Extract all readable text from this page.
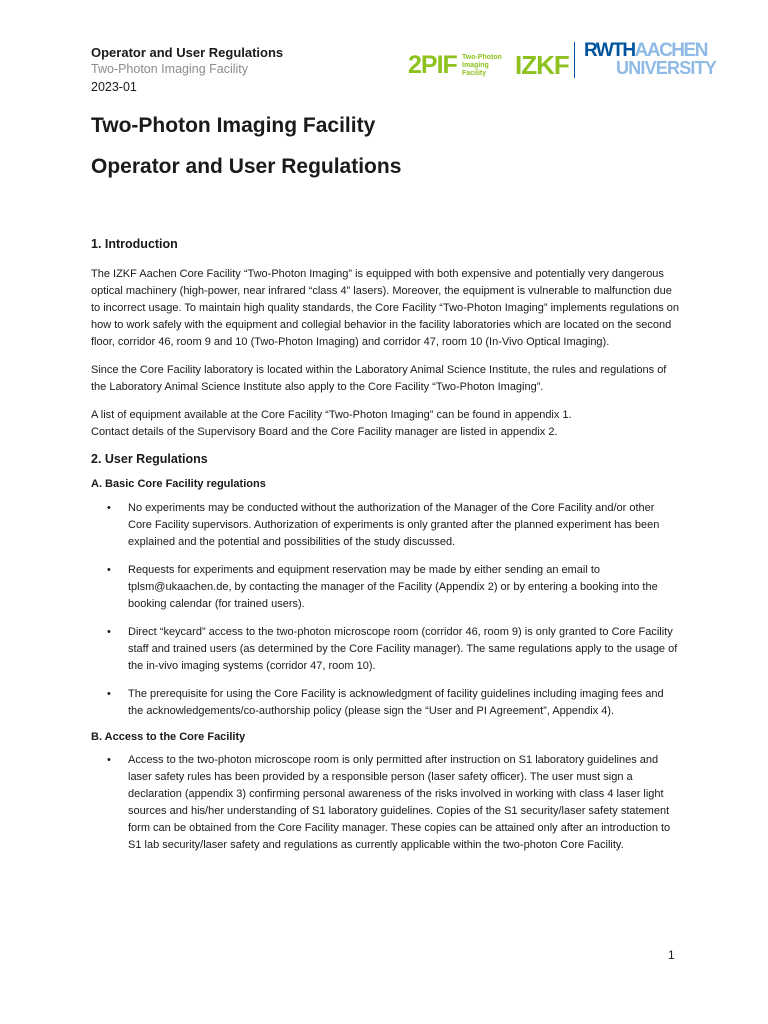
Operator and User Regulations
Two-Photon Imaging Facility
2023-01
2PIF Two-Photon Imaging Facility	IZKF RWTHAACHEN
UNIVERSITY
Two-Photon Imaging Facility
Operator and User Regulations
1. Introduction

The IZKF Aachen Core Facility “Two-Photon Imaging” is equipped with both expensive and potentially very dangerous optical machinery (high-power, near infrared “class 4” lasers). Moreover, the equipment is vulnerable to malfunction due to incorrect usage. To maintain high quality standards, the Core Facility “Two-Photon Imaging” implements regulations on how to work safely with the equipment and collegial behavior in the facility laboratories which are located on the second floor, corridor 46, room 9 and 10 (Two-Photon Imaging) and corridor 47, room 10 (In-Vivo Optical Imaging).

Since the Core Facility laboratory is located within the Laboratory Animal Science Institute, the rules and regulations of the Laboratory Animal Science Institute also apply to the Core Facility “Two-Photon Imaging”.

A list of equipment available at the Core Facility “Two-Photon Imaging” can be found in appendix 1.

Contact details of the Supervisory Board and the Core Facility manager are listed in appendix 2.

2. User Regulations
A. Basic Core Facility regulations
• No experiments may be conducted without the authorization of the Manager of the Core Facility and/or other Core Facility supervisors. Authorization of experiments is only granted after the planned experiment has been explained and the potential and possibilities of the study discussed.
• Requests for experiments and equipment reservation may be made by either sending an email to tplsm@ukaachen.de, by contacting the manager of the Facility (Appendix 2) or by entering a booking into the booking calendar (for trained users).
• Direct “keycard” access to the two-photon microscope room (corridor 46, room 9) is only granted to Core Facility staff and trained users (as determined by the Core Facility manager). The same regulations apply to the usage of the in-vivo imaging systems (corridor 47, room 10).
• The prerequisite for using the Core Facility is acknowledgment of facility guidelines including imaging fees and the acknowledgements/co-authorship policy (please sign the “User and PI Agreement”, Appendix 4).
B. Access to the Core Facility
• Access to the two-photon microscope room is only permitted after instruction on S1 laboratory guidelines and laser safety rules has been provided by a responsible person (laser safety officer). The user must sign a declaration (appendix 3) confirming personal awareness of the risks involved in working with class 4 laser light sources and his/her understanding of S1 laboratory guidelines. Copies of the S1 security/laser safety statement form can be obtained from the Core Facility manager. These copies can be attained only after an introduction to S1 lab security/laser safety and regulations as currently applicable within the two-photon Core Facility.
1
